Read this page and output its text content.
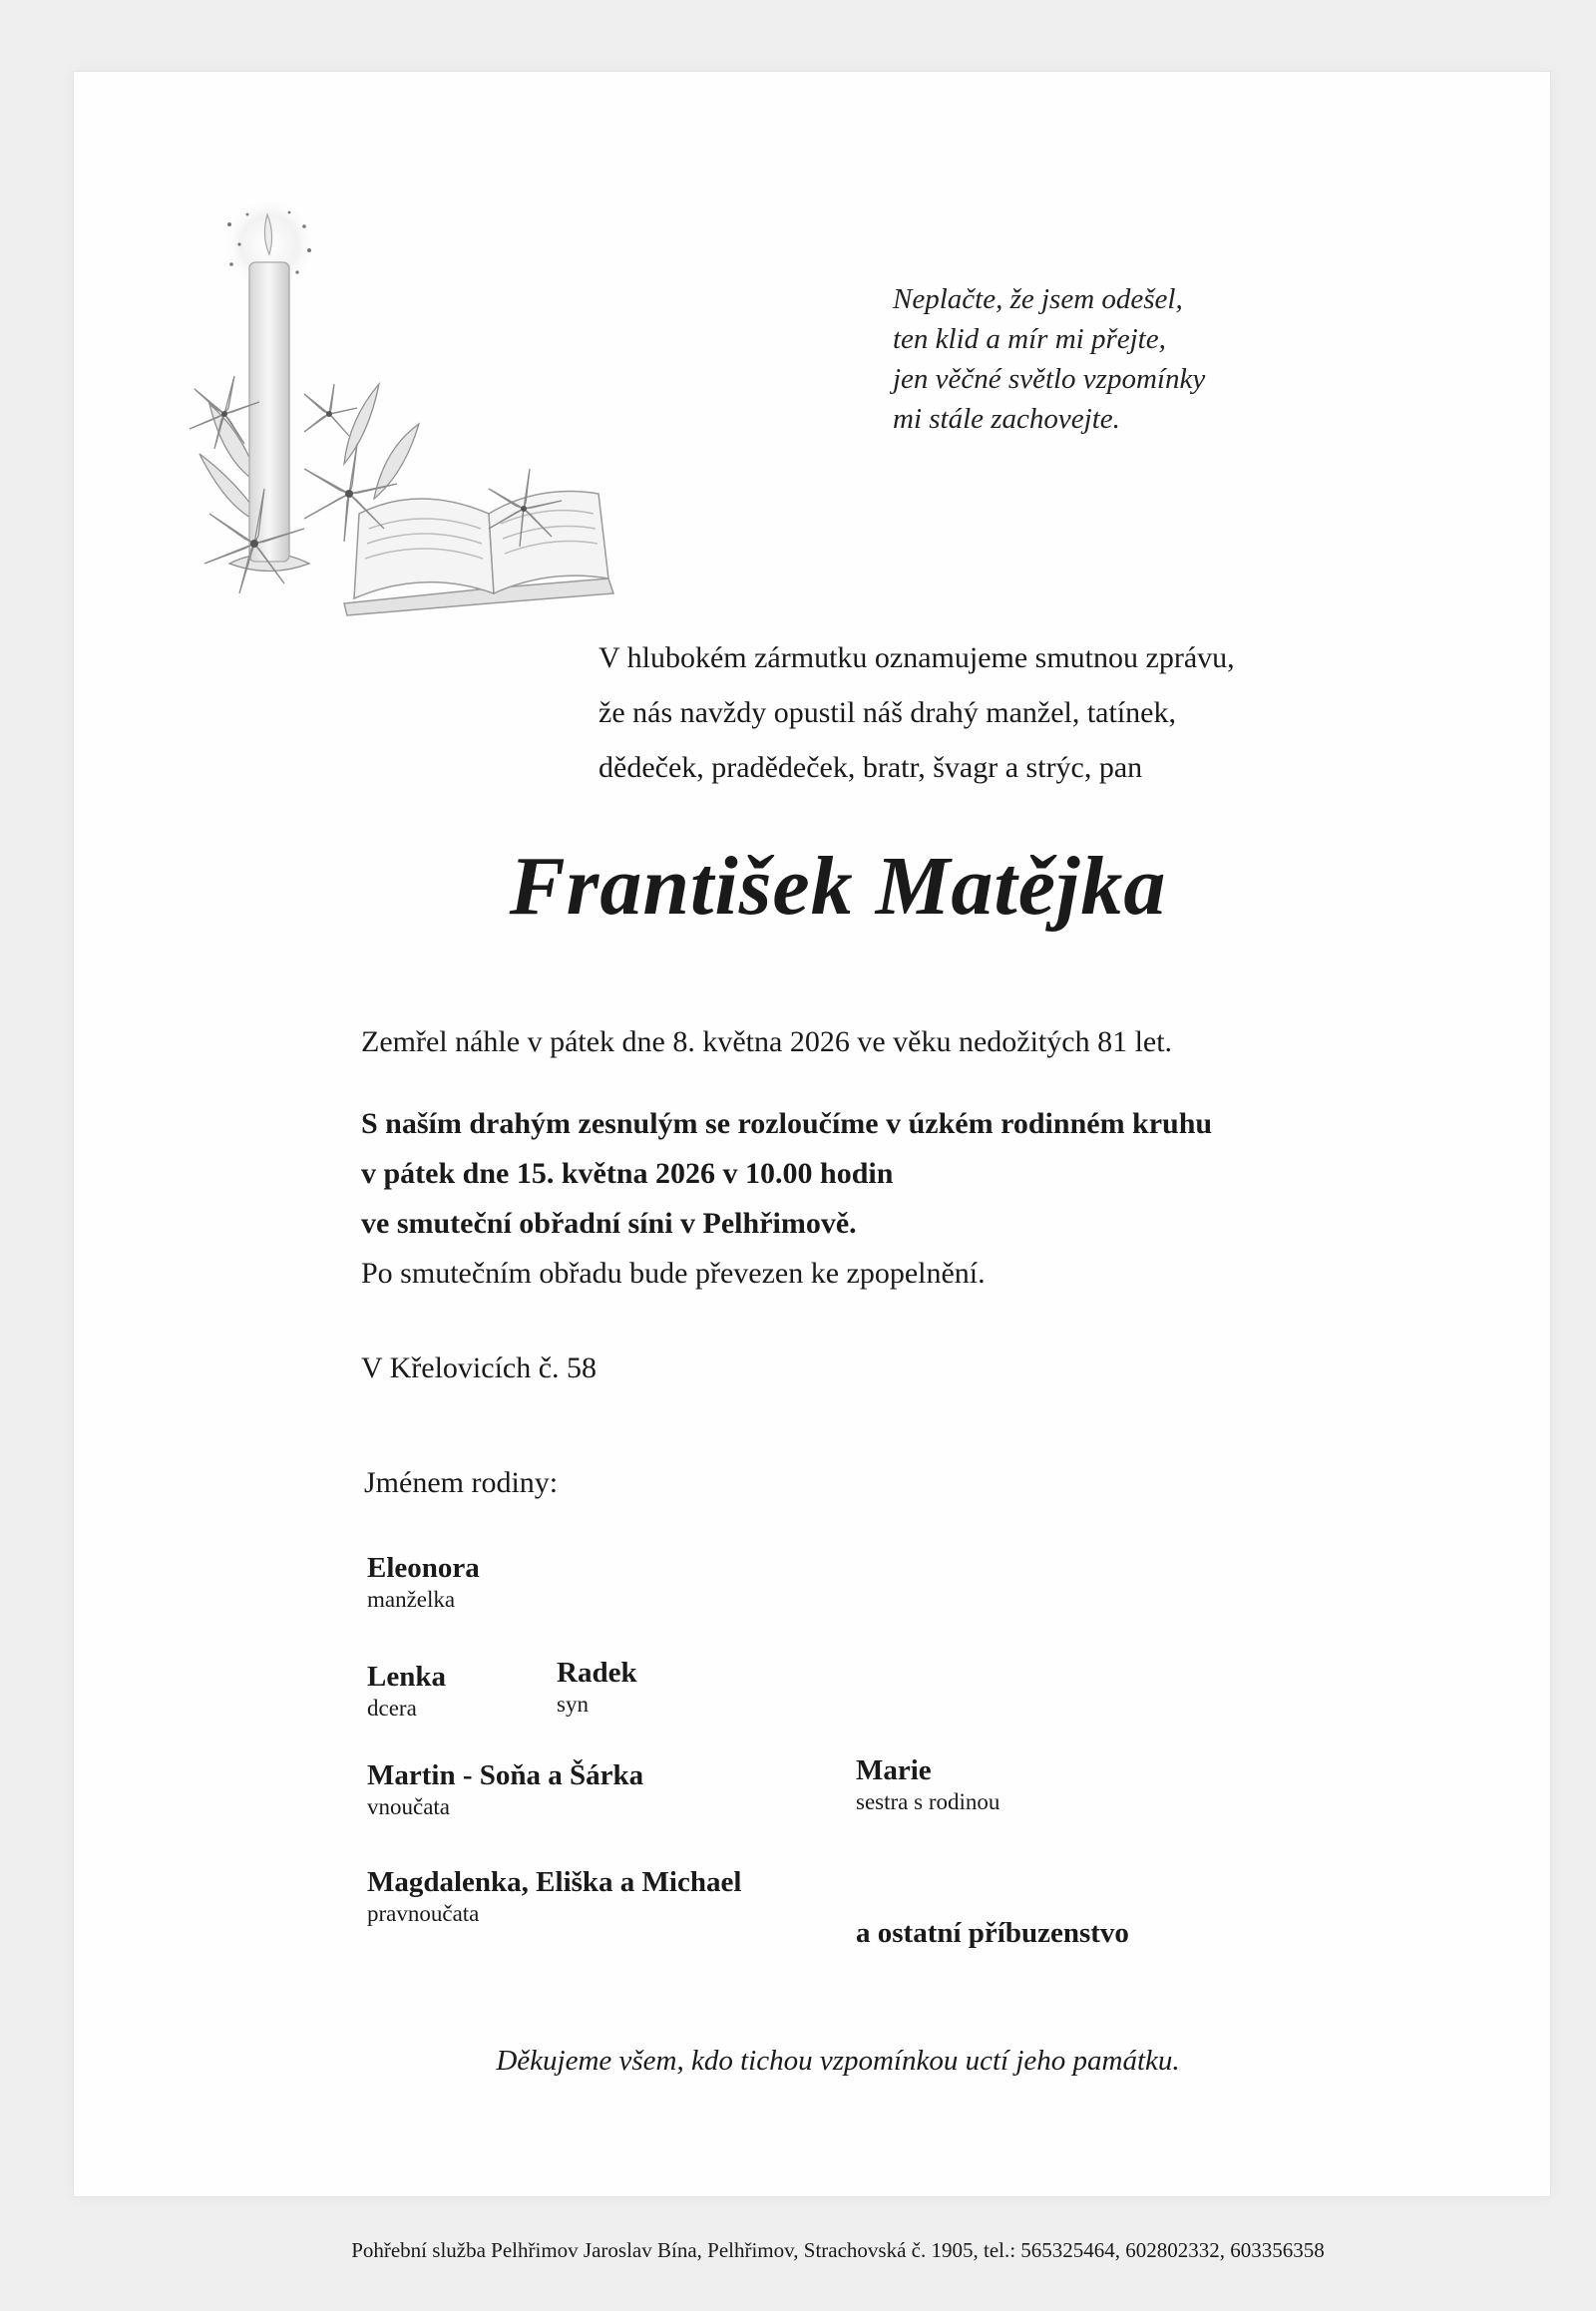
Neplačte, že jsem odešel,
ten klid a mír mi přejte,
jen věčné světlo vzpomínky
mi stále zachovejte.
V hlubokém zármutku oznamujeme smutnou zprávu,
že nás navždy opustil náš drahý manžel, tatínek,
dědeček, pradědeček, bratr, švagr a strýc, pan
František Matějka
Zemřel náhle v pátek dne 8. května 2026 ve věku nedožitých 81 let.
S naším drahým zesnulým se rozloučíme v úzkém rodinném kruhu
v pátek dne 15. května 2026 v 10.00 hodin
ve smuteční obřadní síni v Pelhřimově.
Po smutečním obřadu bude převezen ke zpopelnění.
V Křelovicích č. 58
Jménem rodiny:
Eleonora
manželka
Lenka
dcera
Radek
syn
Martin - Soňa a Šárka
vnoučata
Marie
sestra s rodinou
Magdalenka, Eliška a Michael
pravnoučata
a ostatní příbuzenstvo
Děkujeme všem, kdo tichou vzpomínkou uctí jeho památku.
Pohřební služba Pelhřimov Jaroslav Bína, Pelhřimov, Strachovská č. 1905, tel.: 565325464, 602802332, 603356358
